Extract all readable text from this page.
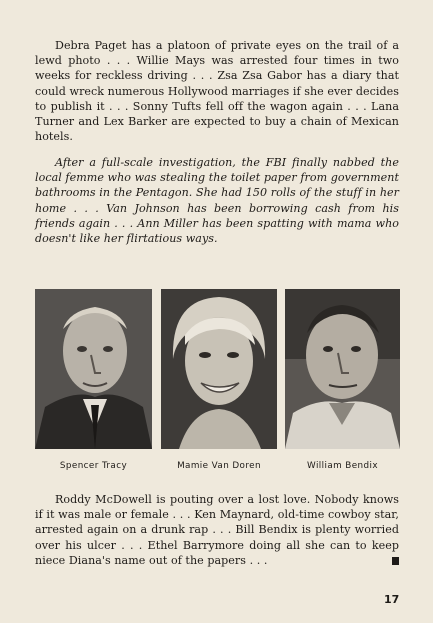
Debra Paget has a platoon of private eyes on the trail of a lewd photo . . . Willie Mays was arrested four times in two weeks for reckless driving . . . Zsa Zsa Gabor has a diary that could wreck numerous Hollywood marriages if she ever decides to publish it . . . Sonny Tufts fell off the wagon again . . . Lana Turner and Lex Barker are expected to buy a chain of Mexican hotels.

After a full-scale investigation, the FBI finally nabbed the local femme who was stealing the toilet paper from government bathrooms in the Pentagon. She had 150 rolls of the stuff in her home . . . Van Johnson has been borrowing cash from his friends again . . . Ann Miller has been spatting with mama who doesn't like her flirtatious ways.

Spencer Tracy	Mamie Van Doren	William Bendix

Roddy McDowell is pouting over a lost love. Nobody knows if it was male or female . . . Ken Maynard, old-time cowboy star, arrested again on a drunk rap . . . Bill Bendix is plenty worried over his ulcer . . . Ethel Barrymore doing all she can to keep niece Diana's name out of the papers . . .

17
